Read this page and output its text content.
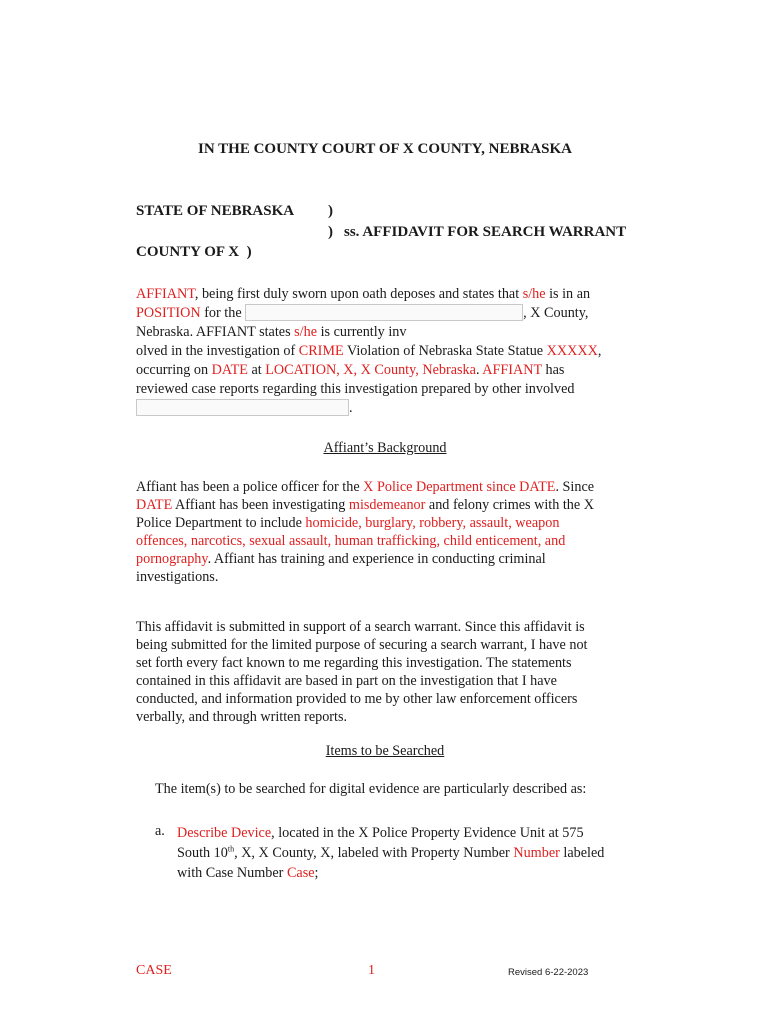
IN THE COUNTY COURT OF X COUNTY, NEBRASKA
STATE OF NEBRASKA )
) ss. AFFIDAVIT FOR SEARCH WARRANT
COUNTY OF X )
AFFIANT, being first duly sworn upon oath deposes and states that s/he is in an
POSITION for the	, X County,
Nebraska. AFFIANT states s/he is currently inv
olved in the investigation of CRIME Violation of Nebraska State Statue XXXXX,
occurring on DATE at LOCATION, X, X County, Nebraska. AFFIANT has
reviewed case reports regarding this investigation prepared by other involved
.
Affiant’s Background
Affiant has been a police officer for the X Police Department since DATE. Since
DATE Affiant has been investigating misdemeanor and felony crimes with the X
Police Department to include homicide, burglary, robbery, assault, weapon
offences, narcotics, sexual assault, human trafficking, child enticement, and
pornography. Affiant has training and experience in conducting criminal
investigations.
This affidavit is submitted in support of a search warrant. Since this affidavit is
being submitted for the limited purpose of securing a search warrant, I have not
set forth every fact known to me regarding this investigation. The statements
contained in this affidavit are based in part on the investigation that I have
conducted, and information provided to me by other law enforcement officers
verbally, and through written reports.
Items to be Searched
The item(s) to be searched for digital evidence are particularly described as:
a. Describe Device, located in the X Police Property Evidence Unit at 575
South 10th, X, X County, X, labeled with Property Number Number labeled
with Case Number Case;
CASE	1	Revised 6-22-2023
